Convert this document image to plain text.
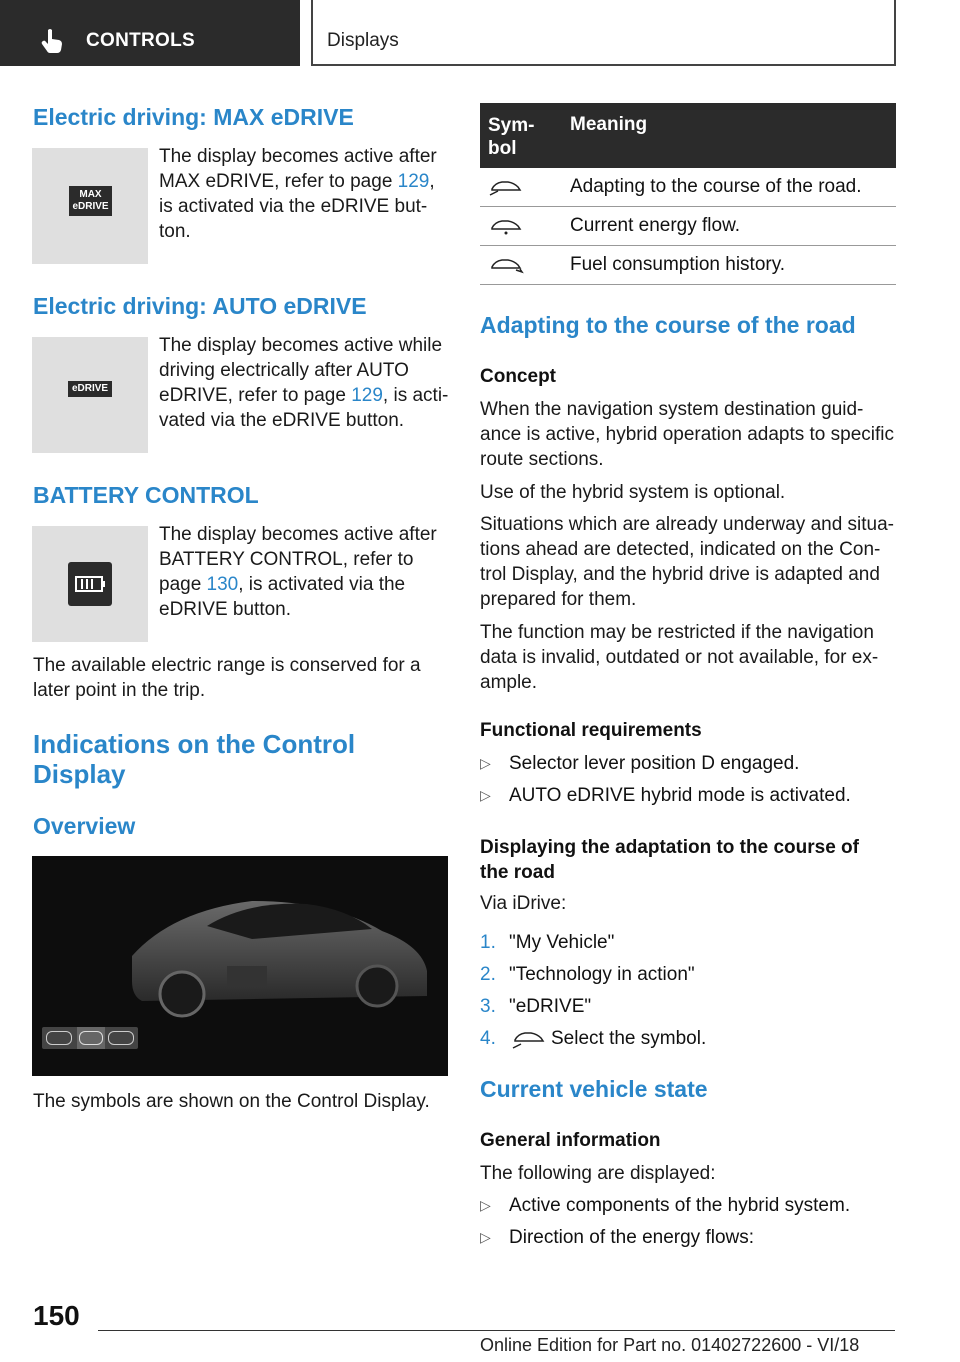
CONTROLS	Displays
Electric driving: MAX eDRIVE
MAX
eDRIVE
The display becomes active after
MAX eDRIVE, refer to page 129,
is activated via the eDRIVE but-
ton.
Electric driving: AUTO eDRIVE
eDRIVE
The display becomes active while
driving electrically after AUTO
eDRIVE, refer to page 129, is acti-
vated via the eDRIVE button.
BATTERY CONTROL
The display becomes active after
BATTERY CONTROL, refer to
page 130, is activated via the
eDRIVE button.
The available electric range is conserved for a
later point in the trip.
Indications on the Control
Display
Overview
The symbols are shown on the Control Display.
Sym-
bol
Meaning
Adapting to the course of the road.
Current energy flow.
Fuel consumption history.
Adapting to the course of the road
Concept
When the navigation system destination guid-
ance is active, hybrid operation adapts to specific
route sections.
Use of the hybrid system is optional.
Situations which are already underway and situa-
tions ahead are detected, indicated on the Con-
trol Display, and the hybrid drive is adapted and
prepared for them.
The function may be restricted if the navigation
data is invalid, outdated or not available, for ex-
ample.
Functional requirements
▷ Selector lever position D engaged.
▷ AUTO eDRIVE hybrid mode is activated.
Displaying the adaptation to the course of
the road
Via iDrive:
1. "My Vehicle"
2. "Technology in action"
3. "eDRIVE"
4.	Select the symbol.
Current vehicle state
General information
The following are displayed:
▷ Active components of the hybrid system.
▷ Direction of the energy flows:
150
Online Edition for Part no. 01402722600 - VI/18
